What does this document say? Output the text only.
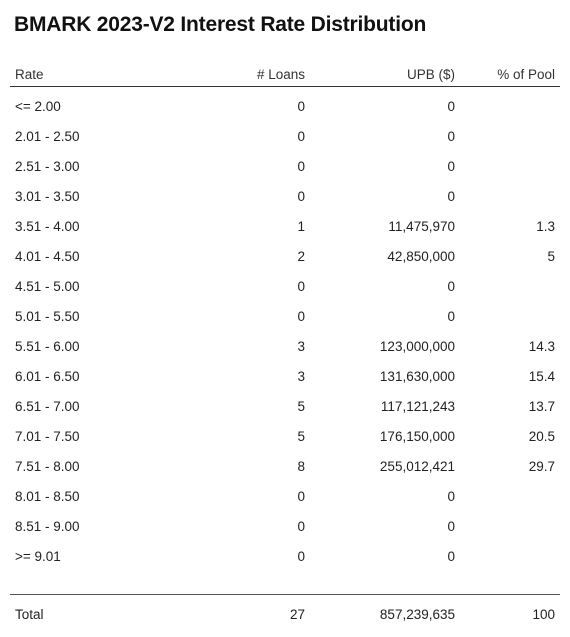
BMARK 2023-V2 Interest Rate Distribution
Rate	# Loans	UPB ($)	% of Pool
<= 2.00	0	0
2.01 - 2.50	0	0
2.51 - 3.00	0	0
3.01 - 3.50	0	0
3.51 - 4.00	1	11,475,970	1.3
4.01 - 4.50	2	42,850,000	5
4.51 - 5.00	0	0
5.01 - 5.50	0	0
5.51 - 6.00	3	123,000,000	14.3
6.01 - 6.50	3	131,630,000	15.4
6.51 - 7.00	5	117,121,243	13.7
7.01 - 7.50	5	176,150,000	20.5
7.51 - 8.00	8	255,012,421	29.7
8.01 - 8.50	0	0
8.51 - 9.00	0	0
>= 9.01	0	0
Total	27	857,239,635	100
